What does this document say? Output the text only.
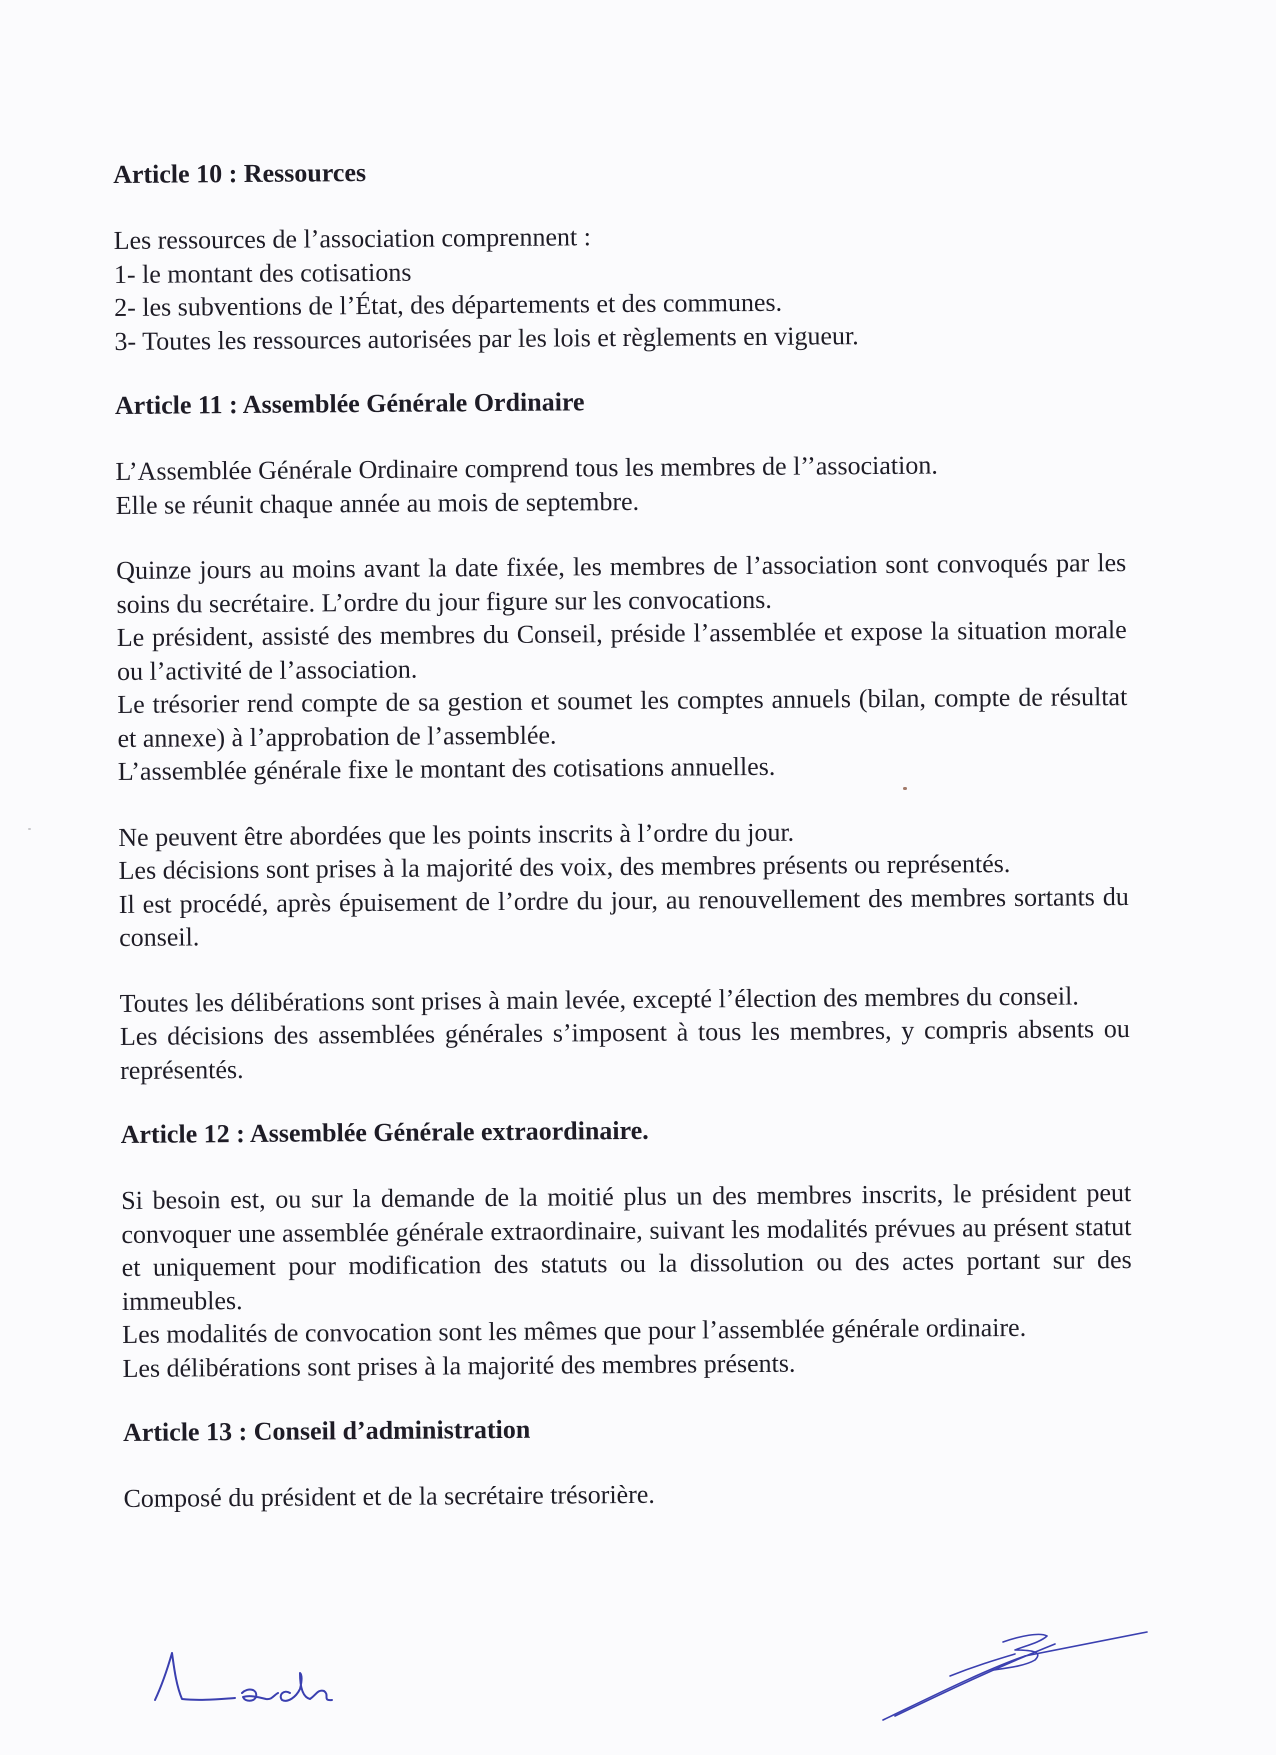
Article 10 : Ressources

Les ressources de l’association comprennent :

1- le montant des cotisations

2- les subventions de l’État, des départements et des communes.

3- Toutes les ressources autorisées par les lois et règlements en vigueur.

Article 11 : Assemblée Générale Ordinaire

L’Assemblée Générale Ordinaire comprend tous les membres de l’’association.

Elle se réunit chaque année au mois de septembre.

Quinze jours au moins avant la date fixée, les membres de l’association sont convoqués par les soins du secrétaire. L’ordre du jour figure sur les convocations.

Le président, assisté des membres du Conseil, préside l’assemblée et expose la situation morale ou l’activité de l’association.

Le trésorier rend compte de sa gestion et soumet les comptes annuels (bilan, compte de résultat et annexe) à l’approbation de l’assemblée.

L’assemblée générale fixe le montant des cotisations annuelles.

Ne peuvent être abordées que les points inscrits à l’ordre du jour.

Les décisions sont prises à la majorité des voix, des membres présents ou représentés.

Il est procédé, après épuisement de l’ordre du jour, au renouvellement des membres sortants du conseil.

Toutes les délibérations sont prises à main levée, excepté l’élection des membres du conseil.

Les décisions des assemblées générales s’imposent à tous les membres, y compris absents ou représentés.

Article 12 : Assemblée Générale extraordinaire.

Si besoin est, ou sur la demande de la moitié plus un des membres inscrits, le président peut convoquer une assemblée générale extraordinaire, suivant les modalités prévues au présent statut et uniquement pour modification des statuts ou la dissolution ou des actes portant sur des immeubles.

Les modalités de convocation sont les mêmes que pour l’assemblée générale ordinaire.

Les délibérations sont prises à la majorité des membres présents.

Article 13 : Conseil d’administration

Composé du président et de la secrétaire trésorière.
